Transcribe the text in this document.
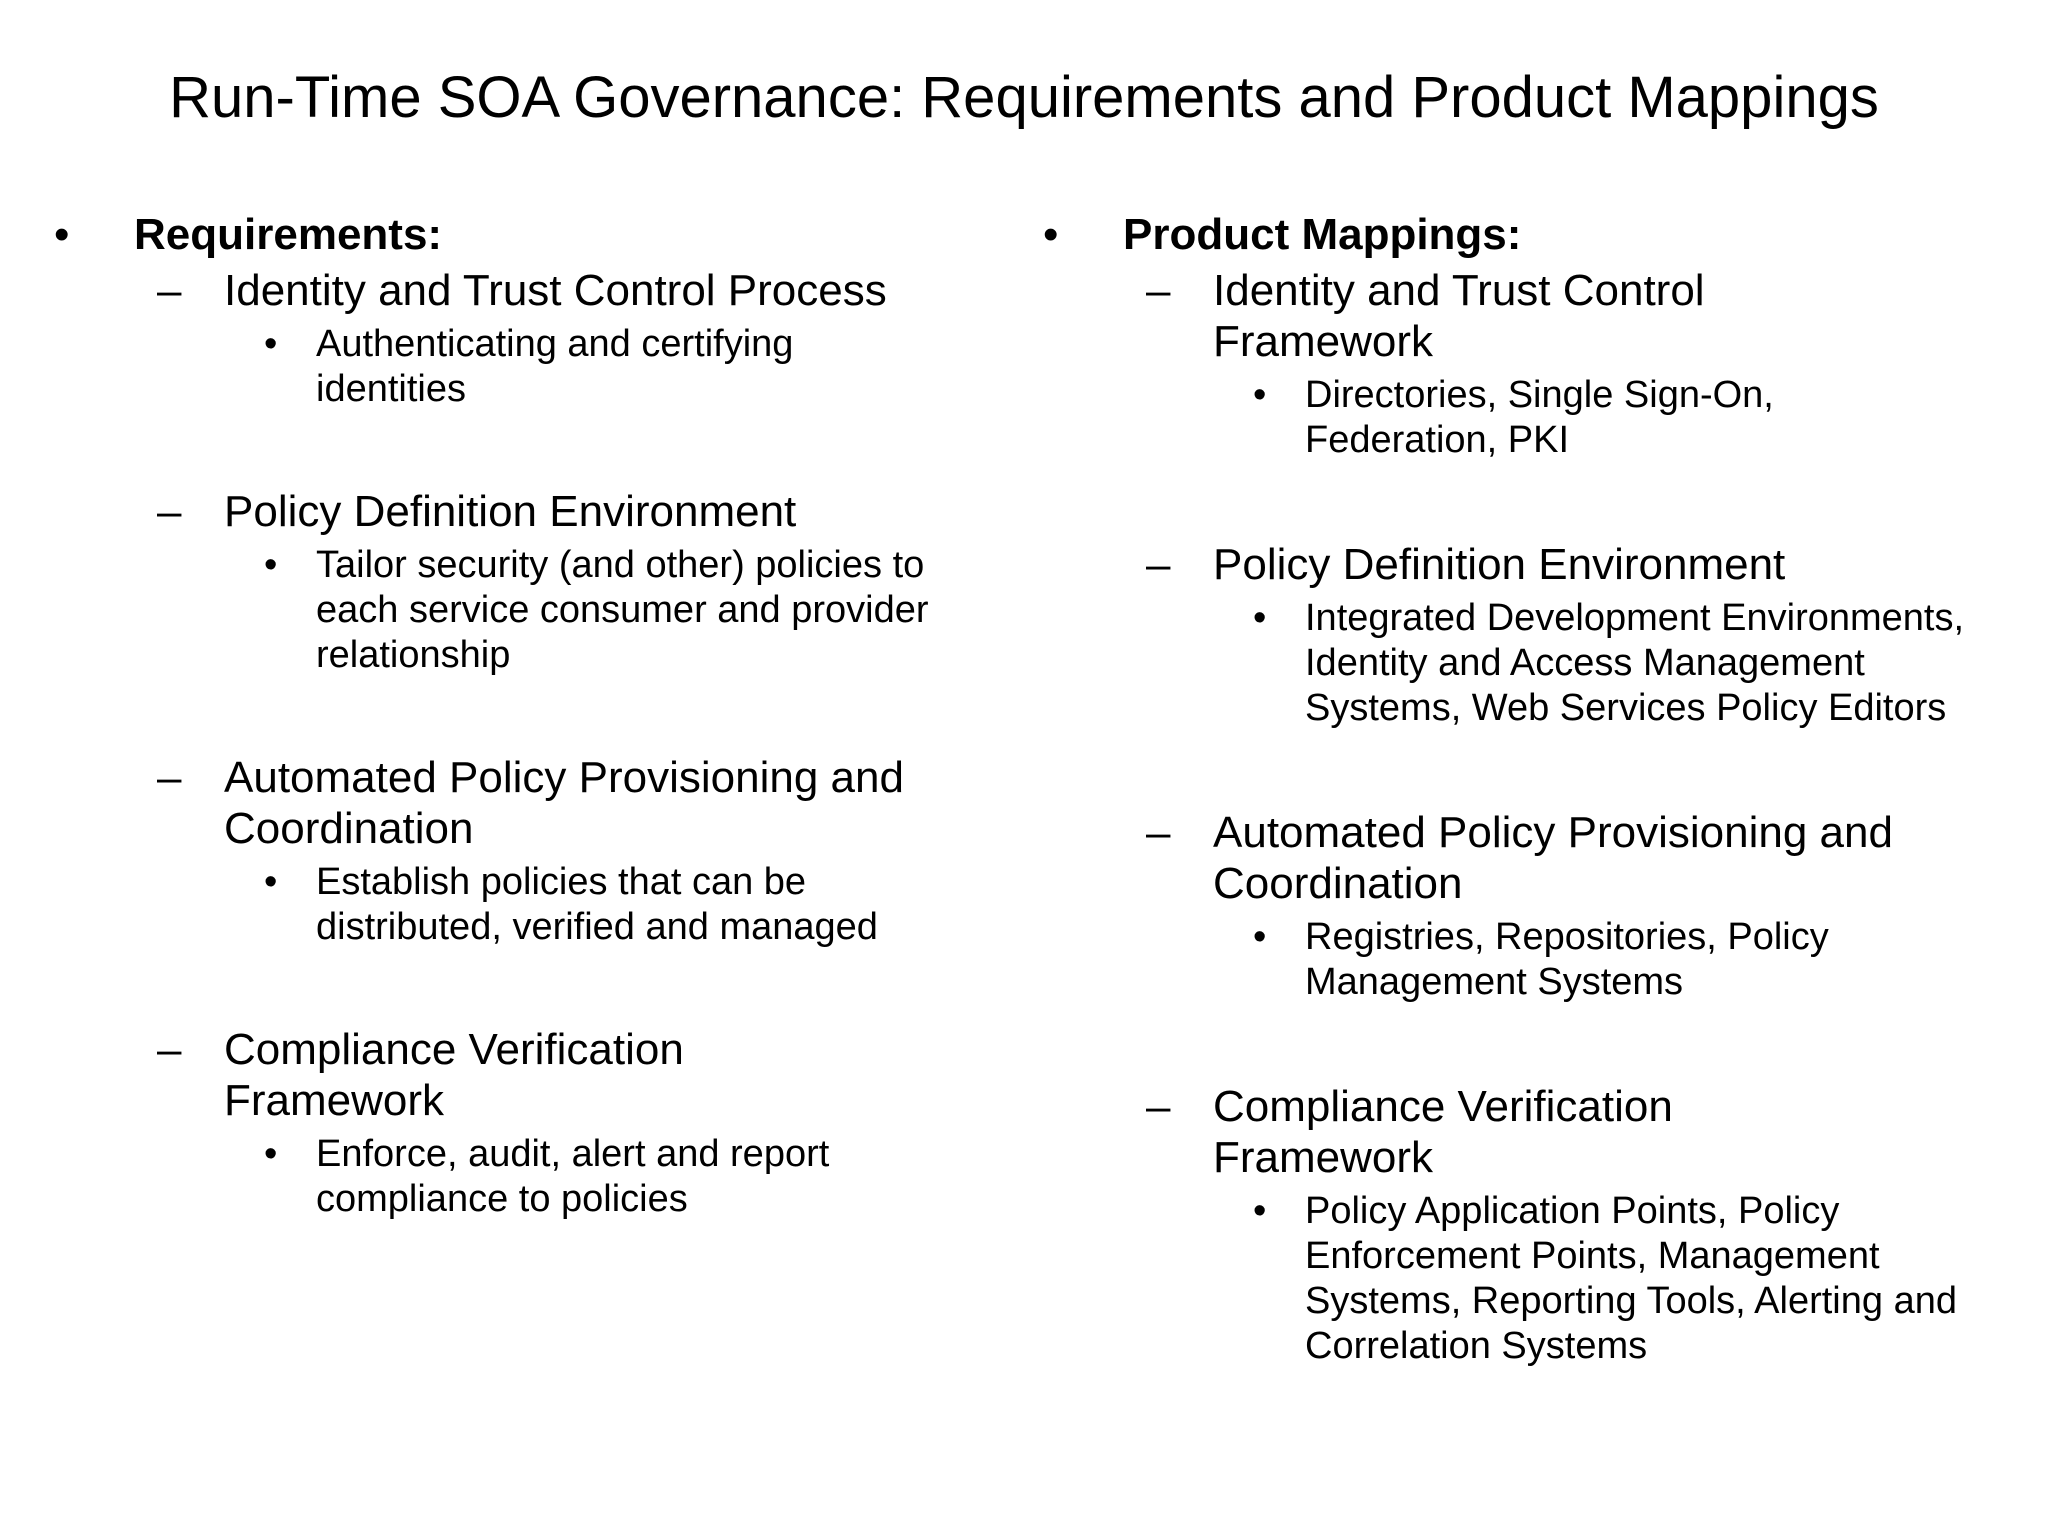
Run-Time SOA Governance: Requirements and Product Mappings
• Requirements:
– Identity and Trust Control Process
• Authenticating and certifying identities
– Policy Definition Environment
• Tailor security (and other) policies to each service consumer and provider relationship
– Automated Policy Provisioning and Coordination
• Establish policies that can be distributed, verified and managed
– Compliance Verification Framework
• Enforce, audit, alert and report compliance to policies
• Product Mappings:
– Identity and Trust Control Framework
• Directories, Single Sign-On, Federation, PKI
– Policy Definition Environment
• Integrated Development Environments, Identity and Access Management Systems, Web Services Policy Editors
– Automated Policy Provisioning and Coordination
• Registries, Repositories, Policy Management Systems
– Compliance Verification Framework
• Policy Application Points, Policy Enforcement Points, Management Systems, Reporting Tools, Alerting and Correlation Systems
